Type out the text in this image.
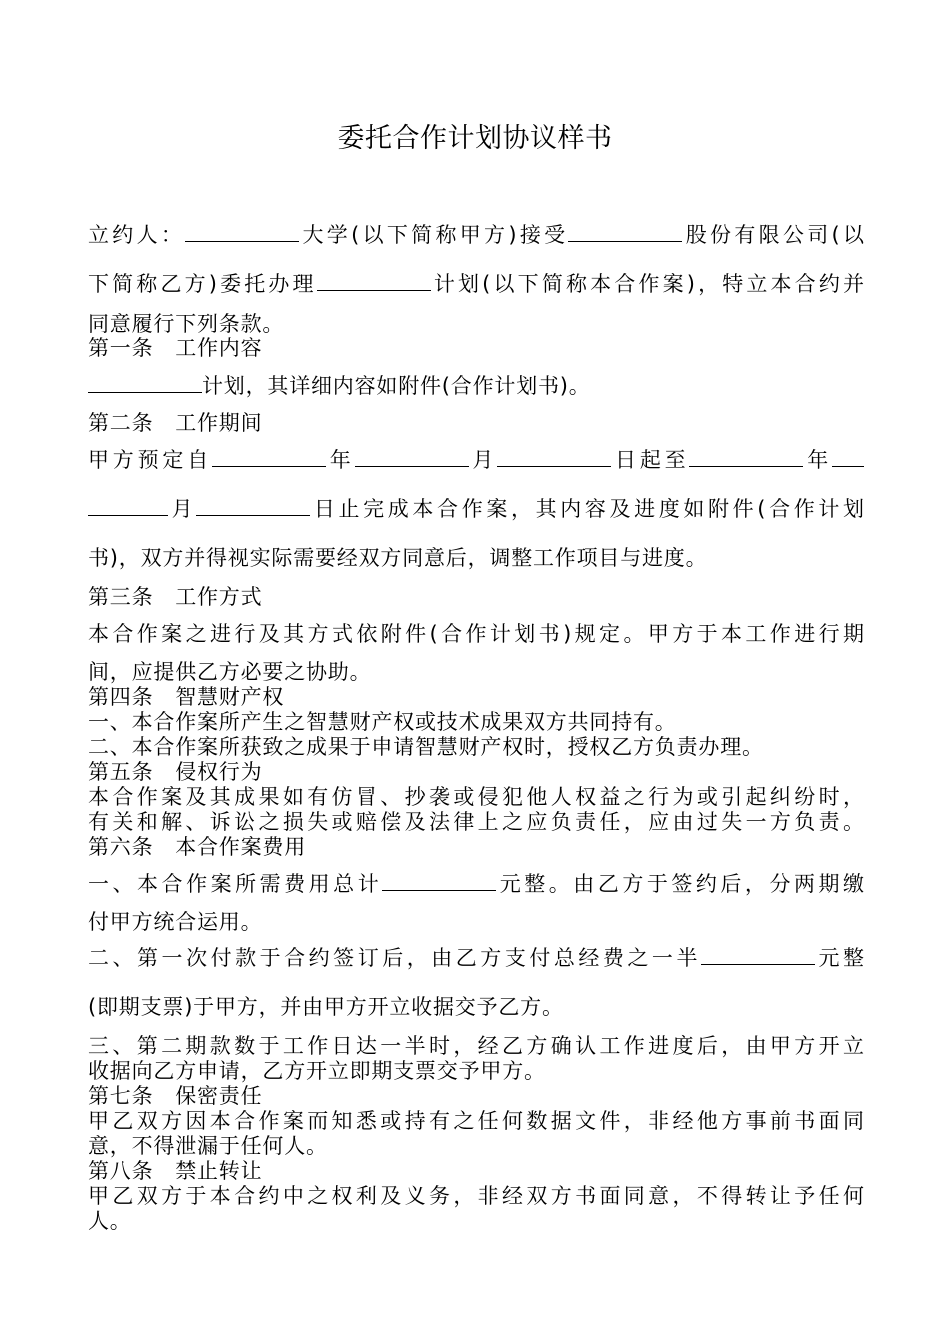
委托合作计划协议样书
立约人：	大学(以下简称甲方)接受	股份有限公司(以
下简称乙方)委托办理	计划(以下简称本合作案)，特立本合约并
同意履行下列条款。
第一条　工作内容
计划，其详细内容如附件(合作计划书)。
第二条　工作期间
甲方预定自	年	月	日起至	年
月	日止完成本合作案，其内容及进度如附件(合作计划
书)，双方并得视实际需要经双方同意后，调整工作项目与进度。
第三条　工作方式
本合作案之进行及其方式依附件(合作计划书)规定。甲方于本工作进行期
间，应提供乙方必要之协助。
第四条　智慧财产权
一、本合作案所产生之智慧财产权或技术成果双方共同持有。
二、本合作案所获致之成果于申请智慧财产权时，授权乙方负责办理。
第五条　侵权行为
本合作案及其成果如有仿冒、抄袭或侵犯他人权益之行为或引起纠纷时，
有关和解、诉讼之损失或赔偿及法律上之应负责任，应由过失一方负责。
第六条　本合作案费用
一、本合作案所需费用总计	元整。由乙方于签约后，分两期缴
付甲方统合运用。
二、第一次付款于合约签订后，由乙方支付总经费之一半	元整
(即期支票)于甲方，并由甲方开立收据交予乙方。
三、第二期款数于工作日达一半时，经乙方确认工作进度后，由甲方开立
收据向乙方申请，乙方开立即期支票交予甲方。
第七条　保密责任
甲乙双方因本合作案而知悉或持有之任何数据文件，非经他方事前书面同
意，不得泄漏于任何人。
第八条　禁止转让
甲乙双方于本合约中之权利及义务，非经双方书面同意，不得转让予任何
人。
